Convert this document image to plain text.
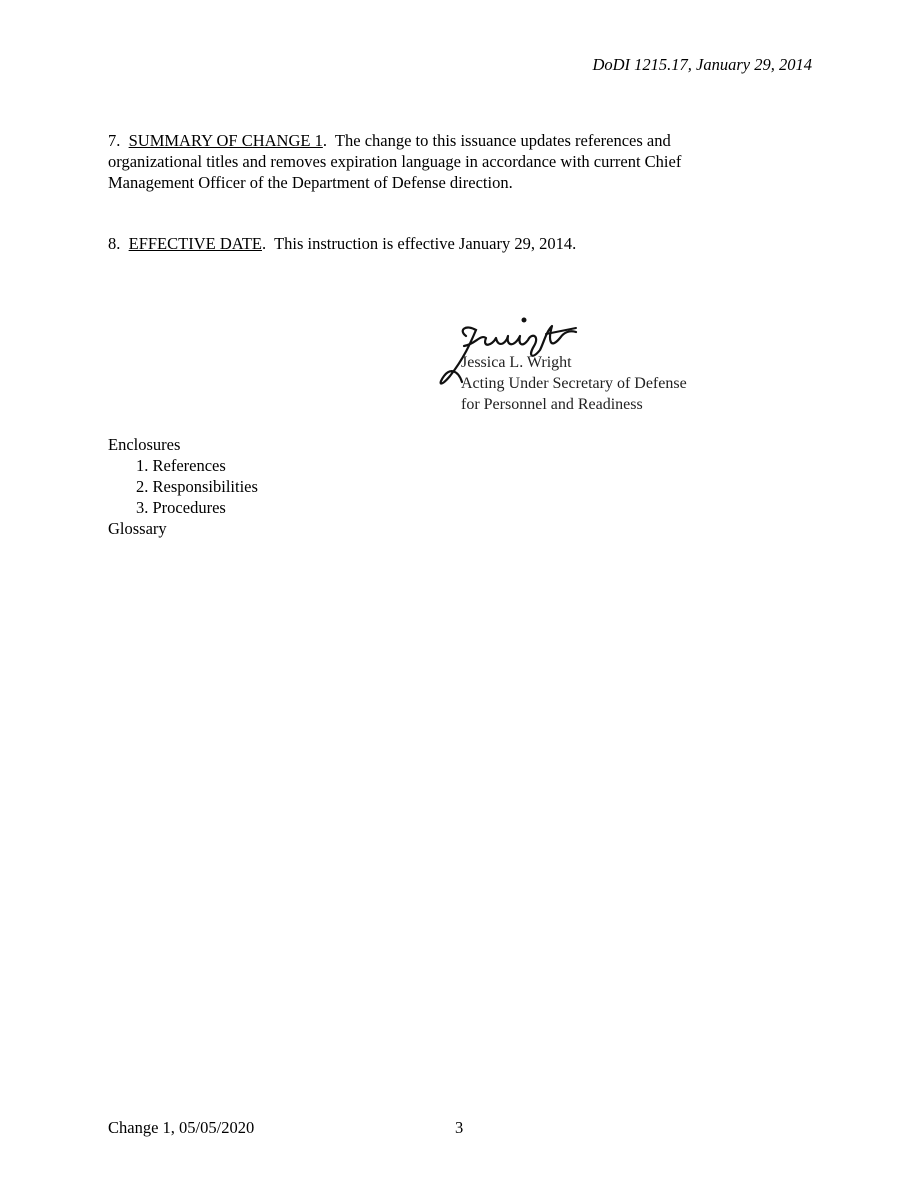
DoDI 1215.17, January 29, 2014
7. SUMMARY OF CHANGE 1.  The change to this issuance updates references and organizational titles and removes expiration language in accordance with current Chief Management Officer of the Department of Defense direction.
8. EFFECTIVE DATE.  This instruction is effective January 29, 2014.
Jessica L. Wright
Acting Under Secretary of Defense
for Personnel and Readiness
Enclosures
1. References
2. Responsibilities
3. Procedures
Glossary
Change 1, 05/05/2020	3
